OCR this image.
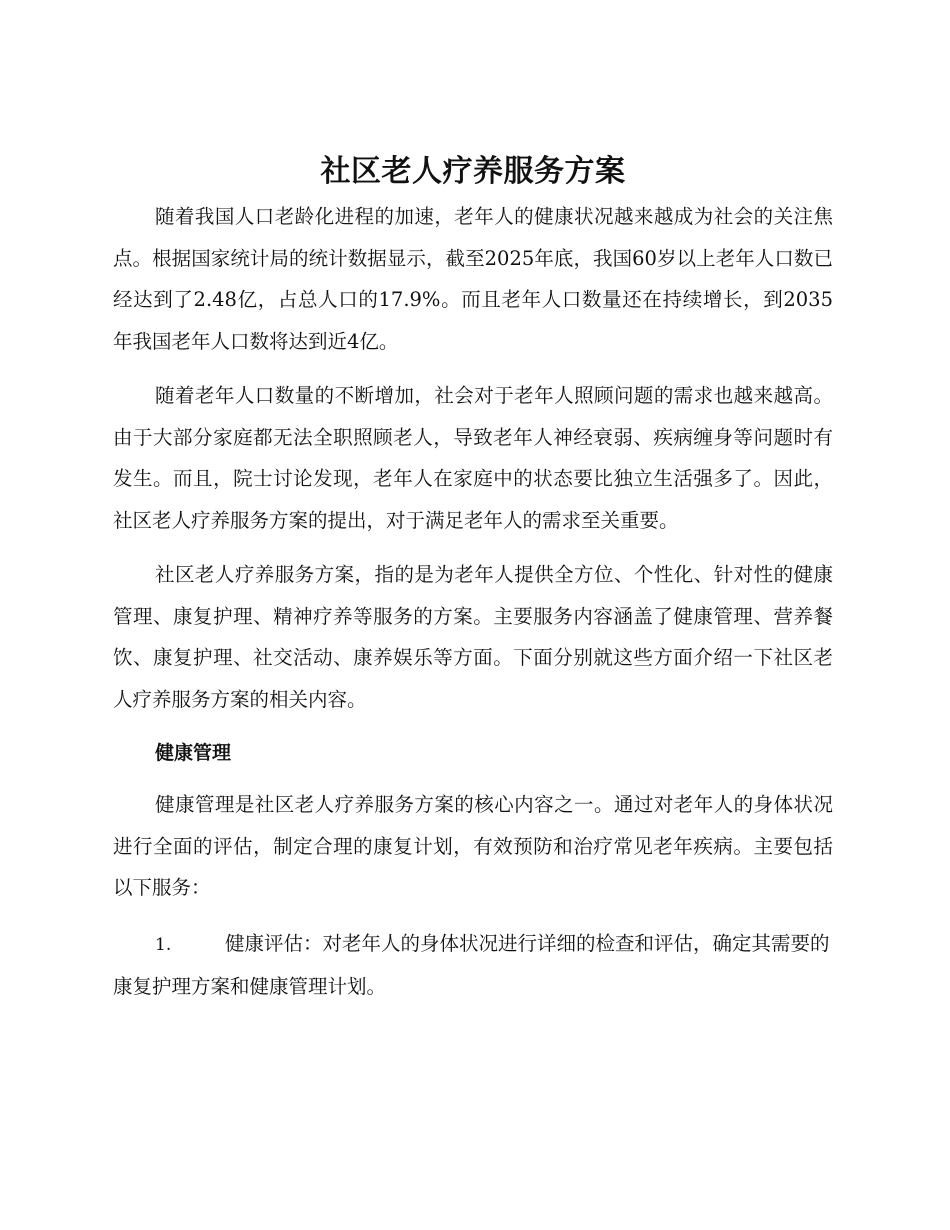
社区老人疗养服务方案

随着我国人口老龄化进程的加速，老年人的健康状况越来越成为社会的关注焦点。根据国家统计局的统计数据显示，截至2025年底，我国60岁以上老年人口数已经达到了2.48亿，占总人口的17.9%。而且老年人口数量还在持续增长，到2035年我国老年人口数将达到近4亿。

随着老年人口数量的不断增加，社会对于老年人照顾问题的需求也越来越高。由于大部分家庭都无法全职照顾老人，导致老年人神经衰弱、疾病缠身等问题时有发生。而且，院士讨论发现，老年人在家庭中的状态要比独立生活强多了。因此，社区老人疗养服务方案的提出，对于满足老年人的需求至关重要。

社区老人疗养服务方案，指的是为老年人提供全方位、个性化、针对性的健康管理、康复护理、精神疗养等服务的方案。主要服务内容涵盖了健康管理、营养餐饮、康复护理、社交活动、康养娱乐等方面。下面分别就这些方面介绍一下社区老人疗养服务方案的相关内容。

健康管理

健康管理是社区老人疗养服务方案的核心内容之一。通过对老年人的身体状况进行全面的评估，制定合理的康复计划，有效预防和治疗常见老年疾病。主要包括以下服务：

1.	健康评估：对老年人的身体状况进行详细的检查和评估，确定其需要的康复护理方案和健康管理计划。
